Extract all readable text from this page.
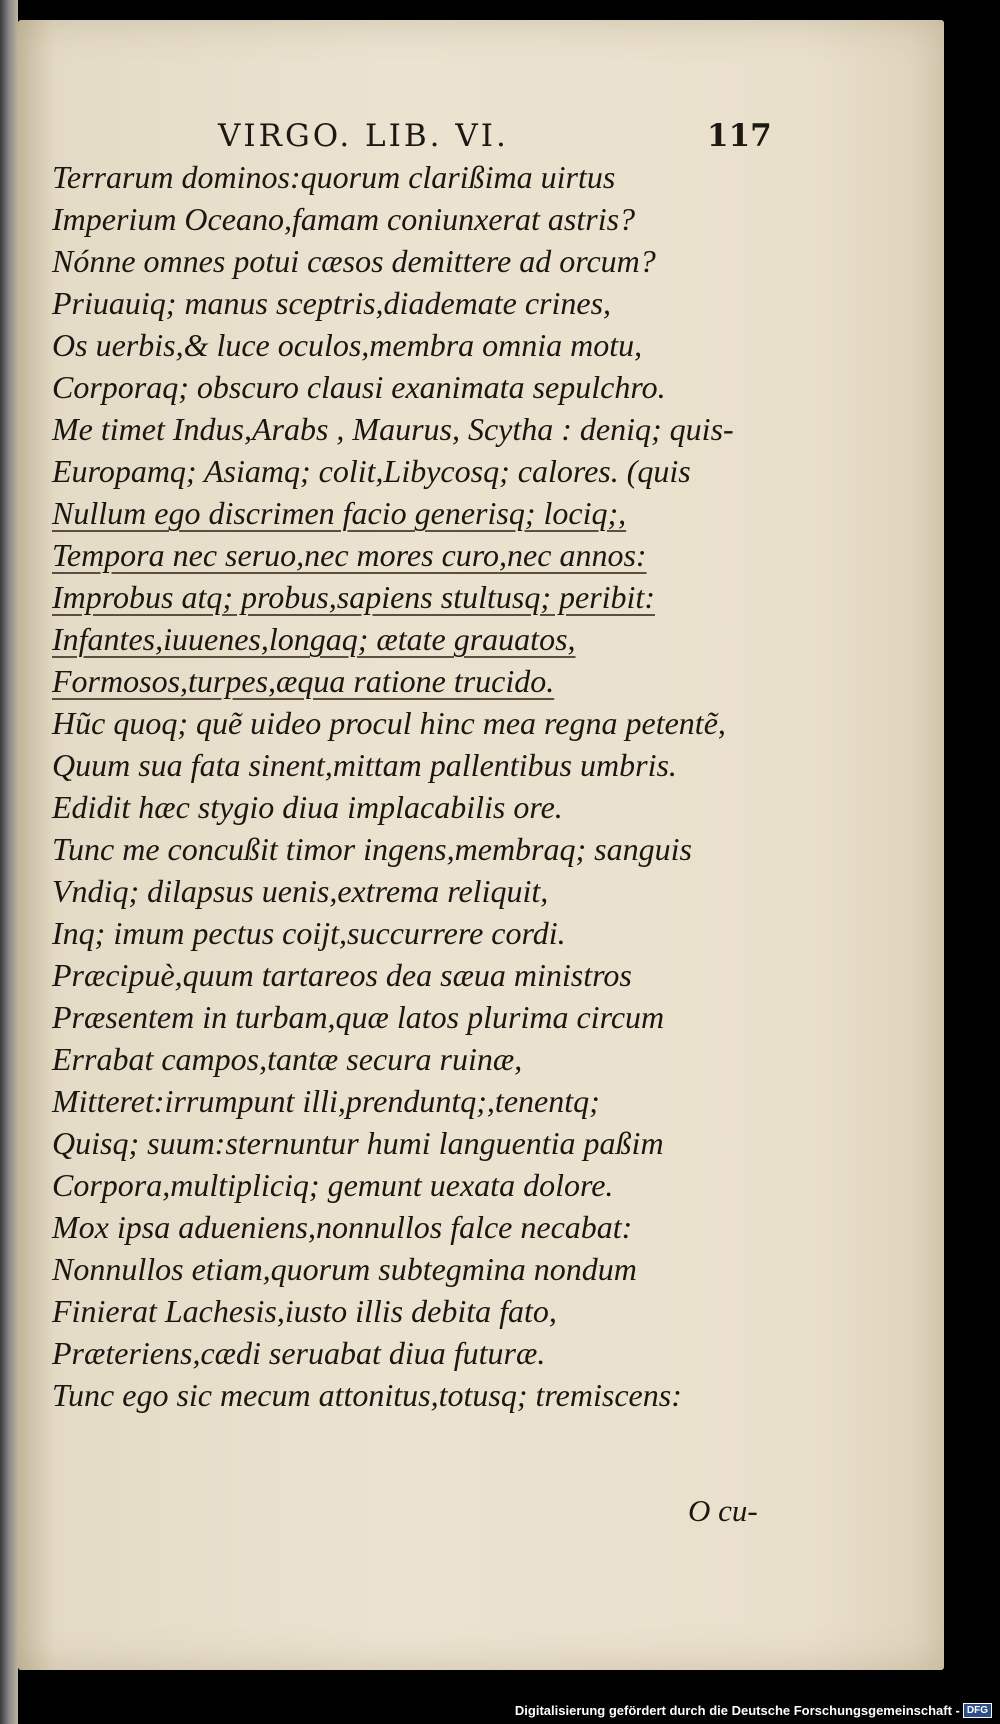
VIRGO. LIB. VI.	117
Terrarum dominos:quorum clarißima uirtus
Imperium Oceano,famam coniunxerat astris?
Nónne omnes potui cæsos demittere ad orcum?
Priuauiq; manus sceptris,diademate crines,
Os uerbis,& luce oculos,membra omnia motu,
Corporaq; obscuro clausi exanimata sepulchro.
Me timet Indus,Arabs , Maurus, Scytha : deniq; quis-
Europamq; Asiamq; colit,Libycosq; calores. (quis
Nullum ego discrimen facio generisq; lociq;,
Tempora nec seruo,nec mores curo,nec annos:
Improbus atq; probus,sapiens stultusq; peribit:
Infantes,iuuenes,longaq; ætate grauatos,
Formosos,turpes,æqua ratione trucido.
Hũc quoq; quẽ uideo procul hinc mea regna petentẽ,
Quum sua fata sinent,mittam pallentibus umbris.
Edidit hæc stygio diua implacabilis ore.
Tunc me concußit timor ingens,membraq; sanguis
Vndiq; dilapsus uenis,extrema reliquit,
Inq; imum pectus coijt,succurrere cordi.
Præcipuè,quum tartareos dea sæua ministros
Præsentem in turbam,quæ latos plurima circum
Errabat campos,tantæ secura ruinæ,
Mitteret:irrumpunt illi,prenduntq;,tenentq;
Quisq; suum:sternuntur humi languentia paßim
Corpora,multipliciq; gemunt uexata dolore.
Mox ipsa adueniens,nonnullos falce necabat:
Nonnullos etiam,quorum subtegmina nondum
Finierat Lachesis,iusto illis debita fato,
Præteriens,cædi seruabat diua futuræ.
Tunc ego sic mecum attonitus,totusq; tremiscens:
O cu-
Digitalisierung gefördert durch die Deutsche Forschungsgemeinschaft - DFG
